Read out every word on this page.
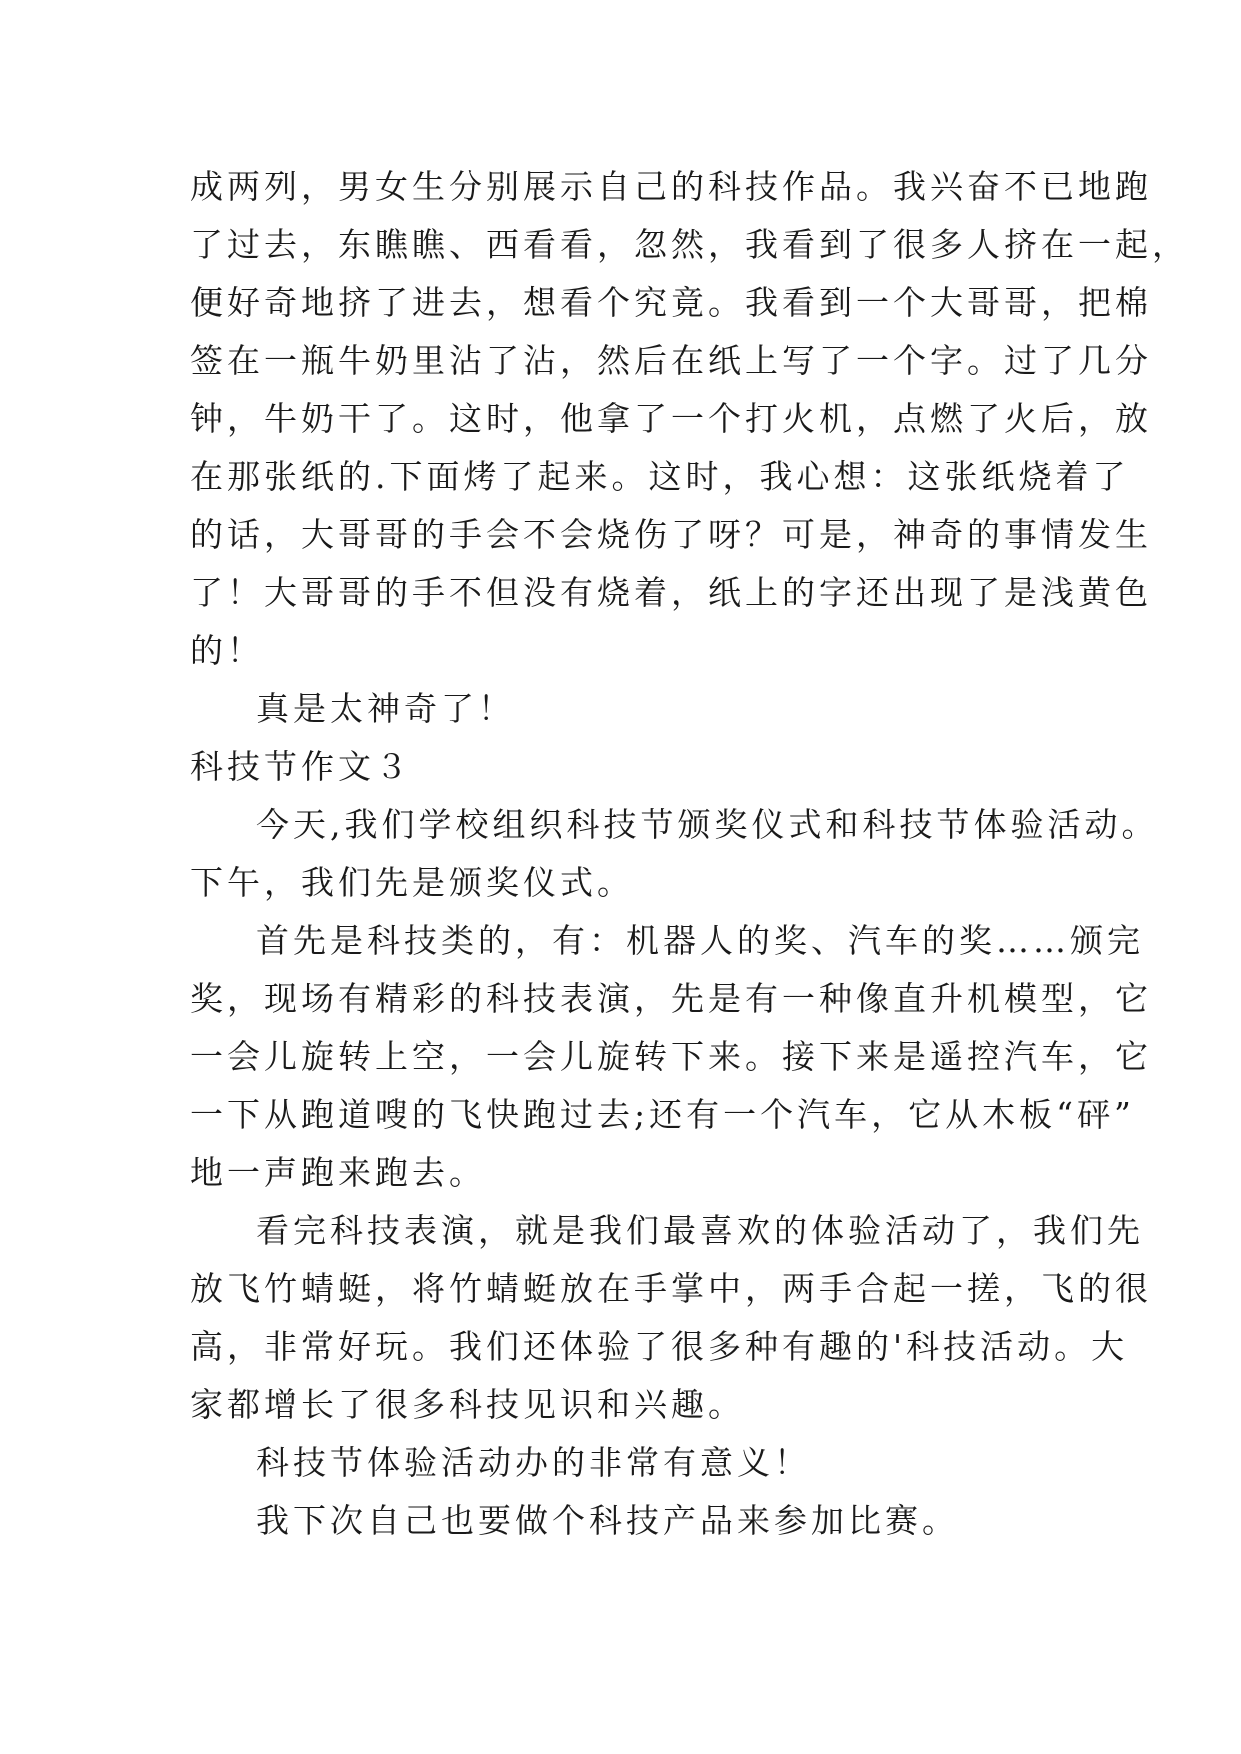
成两列，男女生分别展示自己的科技作品。我兴奋不已地跑
了过去，东瞧瞧、西看看，忽然，我看到了很多人挤在一起，
便好奇地挤了进去，想看个究竟。我看到一个大哥哥，把棉
签在一瓶牛奶里沾了沾，然后在纸上写了一个字。过了几分
钟，牛奶干了。这时，他拿了一个打火机，点燃了火后，放
在那张纸的.下面烤了起来。这时，我心想：这张纸烧着了
的话，大哥哥的手会不会烧伤了呀？可是，神奇的事情发生
了！大哥哥的手不但没有烧着，纸上的字还出现了是浅黄色
的！
真是太神奇了！
科技节作文３
今天,我们学校组织科技节颁奖仪式和科技节体验活动。
下午，我们先是颁奖仪式。
首先是科技类的，有：机器人的奖、汽车的奖……颁完
奖，现场有精彩的科技表演，先是有一种像直升机模型，它
一会儿旋转上空，一会儿旋转下来。接下来是遥控汽车，它
一下从跑道嗖的飞快跑过去;还有一个汽车，它从木板“砰”
地一声跑来跑去。
看完科技表演，就是我们最喜欢的体验活动了，我们先
放飞竹蜻蜓，将竹蜻蜓放在手掌中，两手合起一搓，飞的很
高，非常好玩。我们还体验了很多种有趣的'科技活动。大
家都增长了很多科技见识和兴趣。
科技节体验活动办的非常有意义！
我下次自己也要做个科技产品来参加比赛。
